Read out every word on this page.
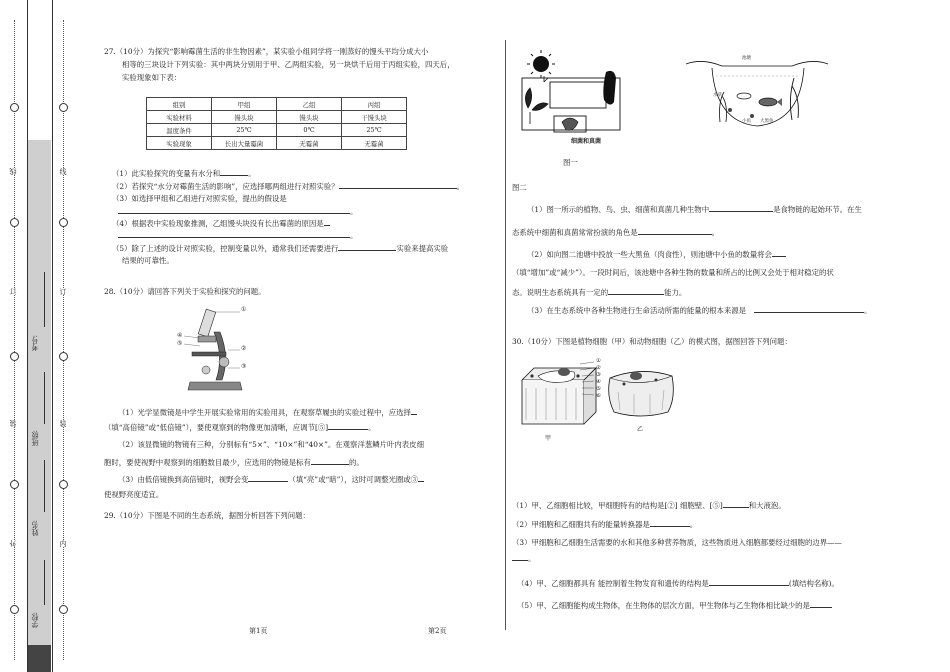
外
装
订
线
内
装
订
线
学校:
姓名:
班级:
考号:
27.（10分）为探究“影响霉菌生活的非生物因素”，某实验小组同学将一刚蒸好的馒头平均分成大小
相等的三块设计下列实验：其中两块分别用于甲、乙两组实验，另一块烘干后用于丙组实验，四天后，
实验现象如下表：
组别	甲组	乙组	丙组
实验材料	馒头块	馒头块	干馒头块
温度条件	25℃	0℃	25℃
实验现象	长出大量霉菌	无霉菌	无霉菌
（1）此实验探究的变量有水分和	。
（2）若探究“水分对霉菌生活的影响”，应选择哪两组进行对照实验？	。
（3）如选择甲组和乙组进行对照实验，提出的假设是
。
（4）根据表中实验现象推测，乙组馒头块没有长出霉菌的原因是
。
（5）除了上述的设计对照实验，控制变量以外，通常我们还需要进行	实验来提高实验
结果的可靠性。
28.（10分）请回答下列关于实验和探究的问题。
①
②
③
④
⑤
（1）光学显微镜是中学生开展实验常用的实验用具，在观察草履虫的实验过程中，应选择
（填“高倍镜”或“低倍镜”），要使观察到的物像更加清晰，应调节[⑤]	。
（2）该显微镜的物镜有三种，分别标有“5×”、“10×”和“40×”。在观察洋葱鳞片叶内表皮细
胞时，要使视野中观察到的细胞数目最少，应选用的物镜是标有	的。
（3）由低倍镜换到高倍镜时，视野会变	（填“亮”或“暗”），这时可调整光圈或③
使视野亮度适宜。
29.（10分）下图是不同的生态系统，据图分析回答下列问题：
细菌和真菌
图一
池塘
水草
小鱼 大黑鱼
图二
（1）图一所示的植物、鸟、虫、细菌和真菌几种生物中	是食物链的起始环节。在生
态系统中细菌和真菌常常扮演的角色是	。
（2）如向图二池塘中投放一些大黑鱼（肉食性），则池塘中小鱼的数量将会
（填“增加”或“减少”）。一段时间后，该池塘中各种生物的数量和所占的比例又会处于相对稳定的状
态。说明生态系统具有一定的	能力。
（3）在生态系统中各种生物进行生命活动所需的能量的根本来源是	。
30.（10分）下图是植物细胞（甲）和动物细胞（乙）的模式图，据图回答下列问题：
①
②
③
④
⑤
⑥
甲
乙
（1）甲、乙细胞相比较，甲细胞特有的结构是[②] 细胞壁、[⑤]	和大液泡。
（2）甲细胞和乙细胞共有的能量转换器是	。
（3）甲细胞和乙细胞生活需要的水和其他多种营养物质，这些物质进入细胞都要经过细胞的边界——
。
（4）甲、乙细胞都具有 能控制着生物发育和遗传的结构是	(填结构名称)。
（5）甲、乙细胞能构成生物体，在生物体的层次方面，甲生物体与乙生物体相比缺少的是
第1页	第2页
